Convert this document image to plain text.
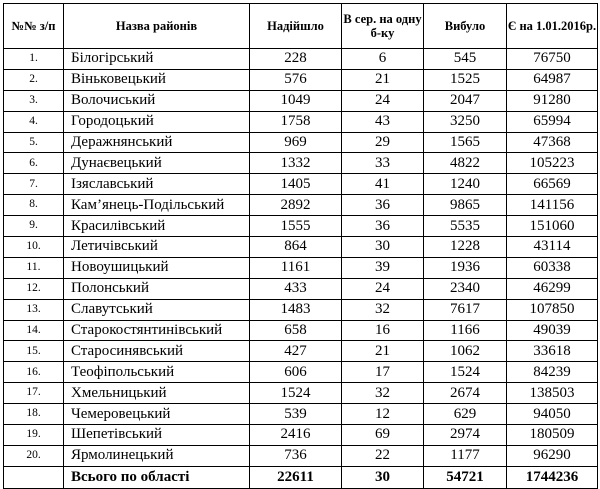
№№ з/п	Назва районів	Надійшло	В сер. на одну б-ку	Вибуло	Є на 1.01.2016р.
1.	Білогірський	228	6	545	76750
2.	Віньковецький	576	21	1525	64987
3.	Волочиський	1049	24	2047	91280
4.	Городоцький	1758	43	3250	65994
5.	Деражнянський	969	29	1565	47368
6.	Дунаєвецький	1332	33	4822	105223
7.	Ізяславський	1405	41	1240	66569
8.	Кам’янець-Подільський	2892	36	9865	141156
9.	Красилівський	1555	36	5535	151060
10.	Летичівський	864	30	1228	43114
11.	Новоушицький	1161	39	1936	60338
12.	Полонський	433	24	2340	46299
13.	Славутський	1483	32	7617	107850
14.	Старокостянтинівський	658	16	1166	49039
15.	Старосинявський	427	21	1062	33618
16.	Теофіпольський	606	17	1524	84239
17.	Хмельницький	1524	32	2674	138503
18.	Чемеровецький	539	12	629	94050
19.	Шепетівський	2416	69	2974	180509
20.	Ярмолинецький	736	22	1177	96290
	Всього по області	22611	30	54721	1744236
